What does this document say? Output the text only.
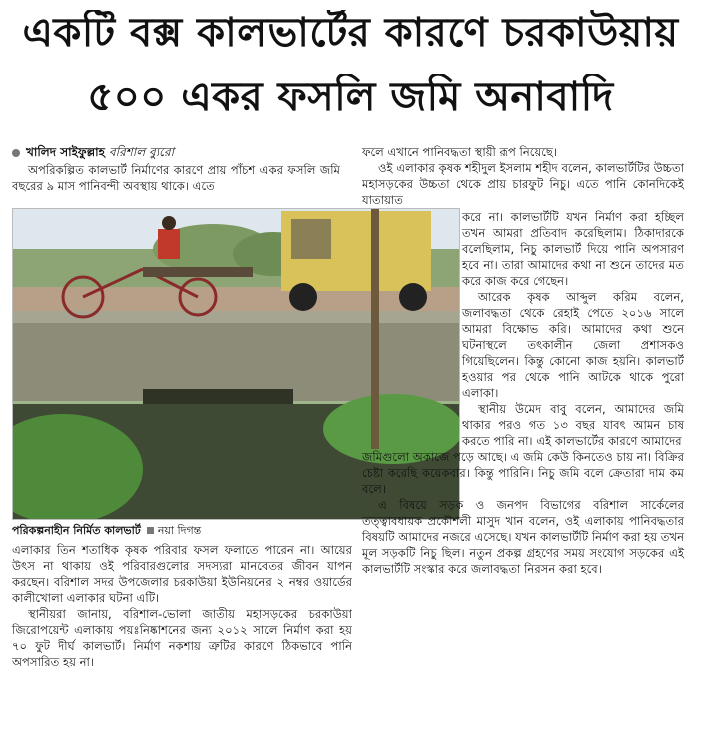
একটি বক্স কালভার্টের কারণে চরকাউয়ায়
৫০০ একর ফসলি জমি অনাবাদি
খালিদ সাইফুল্লাহ বরিশাল ব্যুরো
অপরিকল্পিত কালভার্ট নির্মাণের কারণে প্রায় পাঁচশ একর ফসলি জমি বছরের ৯ মাস পানিবন্দী অবস্থায় থাকে। এতে
পরিকল্পনাহীন নির্মিত কালভার্ট নয়া দিগন্ত

এলাকার তিন শতাধিক কৃষক পরিবার ফসল ফলাতে পারেন না। আয়ের উৎস না থাকায় ওই পরিবারগুলোর সদস্যরা মানবেতর জীবন যাপন করছেন। বরিশাল সদর উপজেলার চরকাউয়া ইউনিয়নের ২ নম্বর ওয়ার্ডের কালীখোলা এলাকার ঘটনা এটি।

স্থানীয়রা জানায়, বরিশাল-ভোলা জাতীয় মহাসড়কের চরকাউয়া জিরোপয়েন্ট এলাকায় পয়ঃনিষ্কাশনের জন্য ২০১২ সালে নির্মাণ করা হয় ৭০ ফুট দীর্ঘ কালভার্ট। নির্মাণ নকশায় ত্রুটির কারণে ঠিকভাবে পানি অপসারিত হয় না।

ফলে এখানে পানিবদ্ধতা স্থায়ী রূপ নিয়েছে।

ওই এলাকার কৃষক শহীদুল ইসলাম শহীদ বলেন, কালভার্টটির উচ্চতা মহাসড়কের উচ্চতা থেকে প্রায় চারফুট নিচু। এতে পানি কোনদিকেই যাতায়াত

করে না। কালভার্টটি যখন নির্মাণ করা হচ্ছিল তখন আমরা প্রতিবাদ করেছিলাম। ঠিকাদারকে বলেছিলাম, নিচু কালভার্ট দিয়ে পানি অপসারণ হবে না। তারা আমাদের কথা না শুনে তাদের মত করে কাজ করে গেছেন।

আরেক কৃষক আব্দুল করিম বলেন, জলাবদ্ধতা থেকে রেহাই পেতে ২০১৬ সালে আমরা বিক্ষোভ করি। আমাদের কথা শুনে ঘটনাস্থলে তৎকালীন জেলা প্রশাসকও গিয়েছিলেন। কিন্তু কোনো কাজ হয়নি। কালভার্ট হওয়ার পর থেকে পানি আটকে থাকে পুরো এলাকা।

স্থানীয় উমেদ বাবু বলেন, আমাদের জমি থাকার পরও গত ১৩ বছর যাবৎ আমন চাষ করতে পারি না। এই কালভার্টের কারণে আমাদের

জমিগুলো অকাজে পড়ে আছে। এ জমি কেউ কিনতেও চায় না। বিক্রির চেষ্টা করেছি কয়েকবার। কিন্তু পারিনি। নিচু জমি বলে ক্রেতারা দাম কম বলে।

এ বিষয়ে সড়ক ও জনপদ বিভাগের বরিশাল সার্কেলের তত্ত্বাবধায়ক প্রকৌশলী মাসুদ খান বলেন, ওই এলাকায় পানিবদ্ধতার বিষয়টি আমাদের নজরে এসেছে। যখন কালভার্টটি নির্মাণ করা হয় তখন মূল সড়কটি নিচু ছিল। নতুন প্রকল্প গ্রহণের সময় সংযোগ সড়কের এই কালভার্টটি সংস্কার করে জলাবদ্ধতা নিরসন করা হবে।
